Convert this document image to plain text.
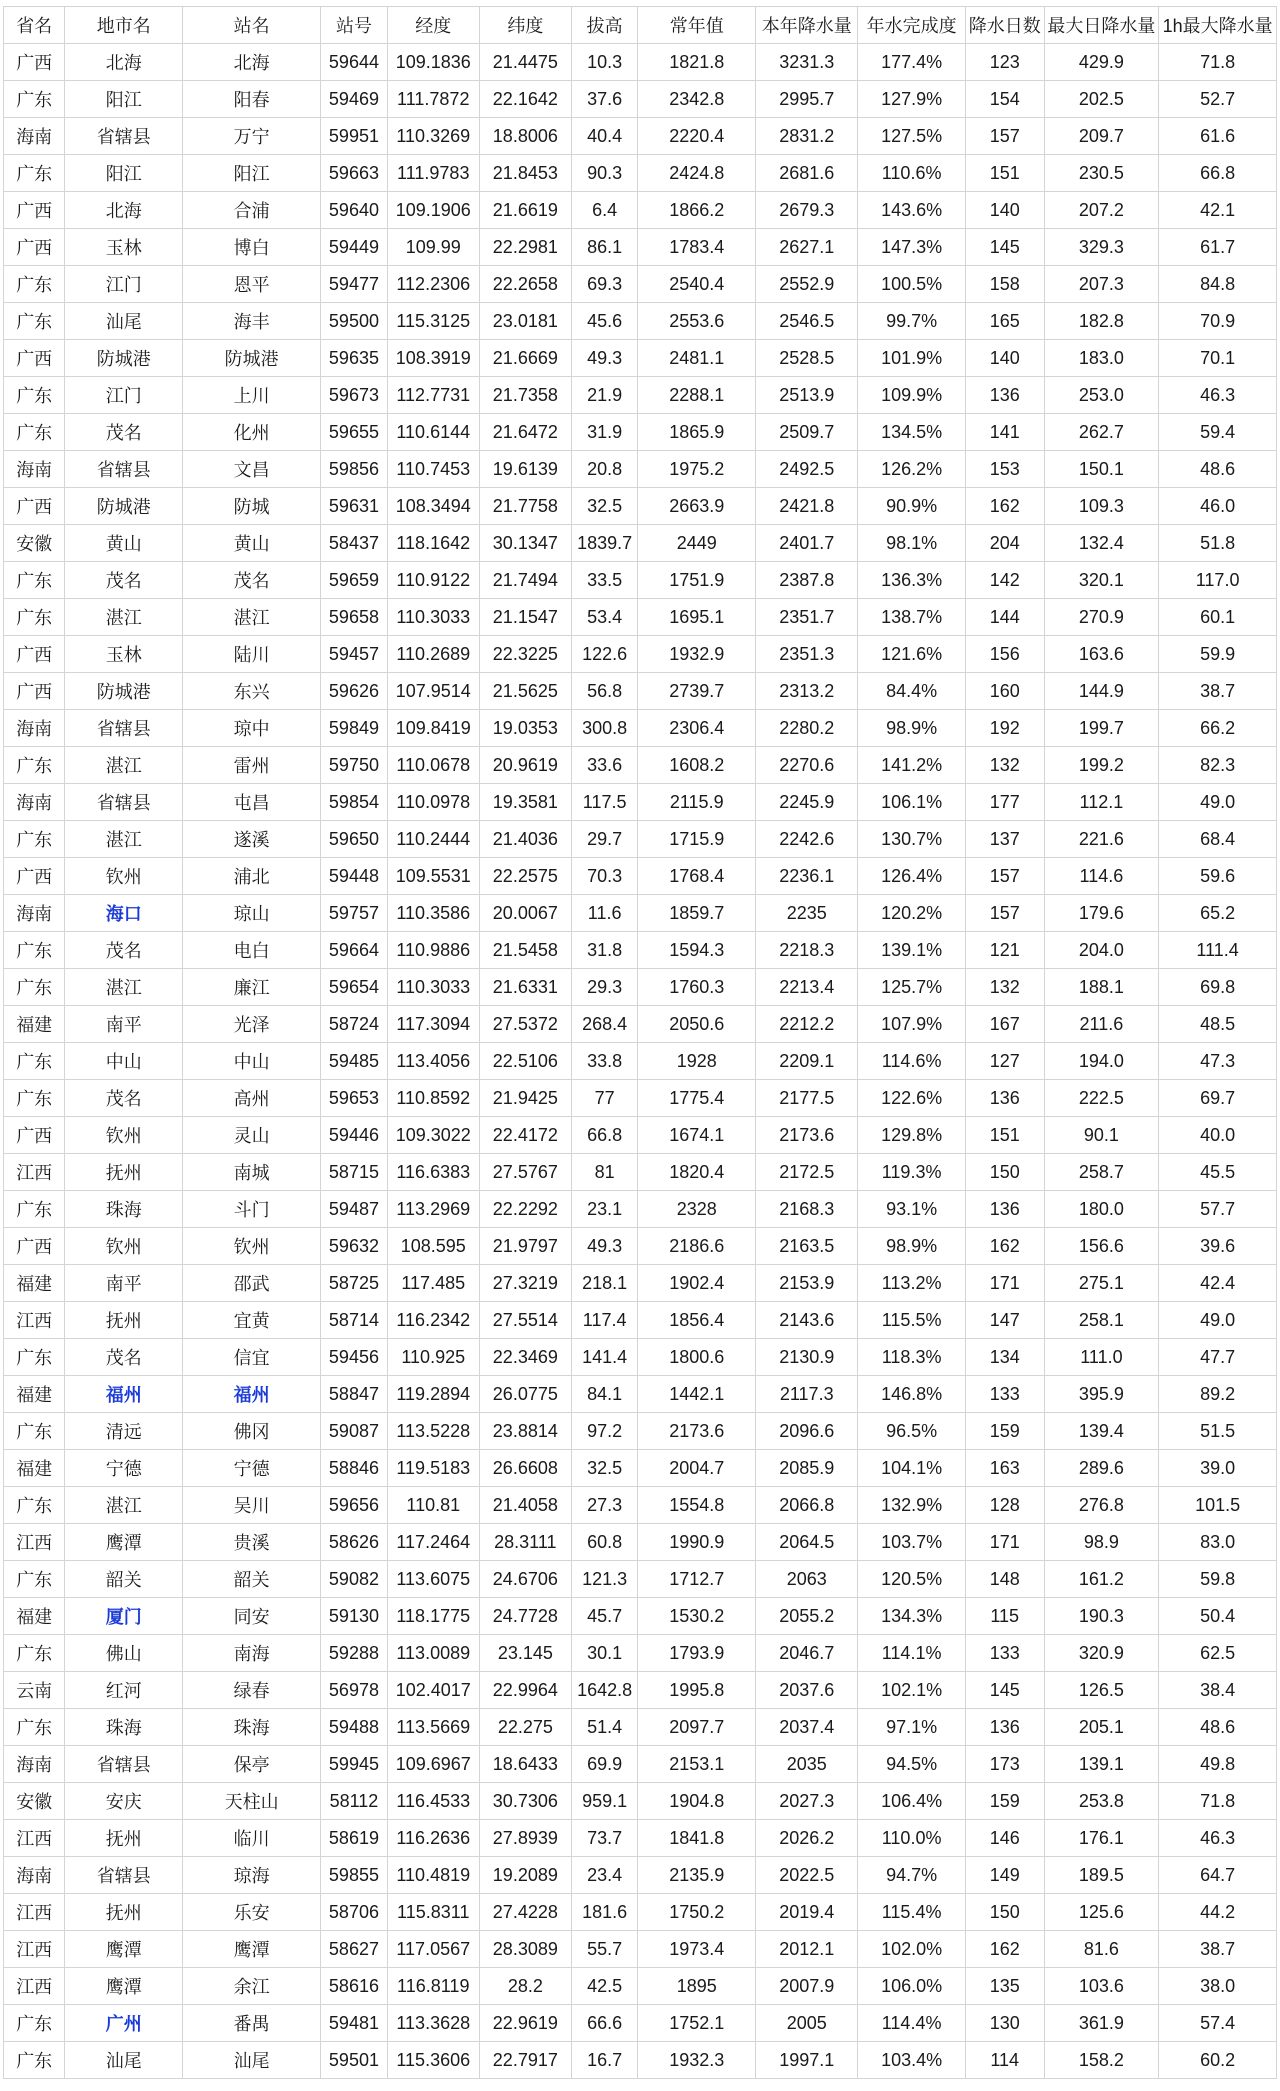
省名	地市名	站名	站号	经度	纬度	拔高	常年值	本年降水量	年水完成度	降水日数	最大日降水量	1h最大降水量
广西	北海	北海	59644	109.1836	21.4475	10.3	1821.8	3231.3	177.4%	123	429.9	71.8
广东	阳江	阳春	59469	111.7872	22.1642	37.6	2342.8	2995.7	127.9%	154	202.5	52.7
海南	省辖县	万宁	59951	110.3269	18.8006	40.4	2220.4	2831.2	127.5%	157	209.7	61.6
广东	阳江	阳江	59663	111.9783	21.8453	90.3	2424.8	2681.6	110.6%	151	230.5	66.8
广西	北海	合浦	59640	109.1906	21.6619	6.4	1866.2	2679.3	143.6%	140	207.2	42.1
广西	玉林	博白	59449	109.99	22.2981	86.1	1783.4	2627.1	147.3%	145	329.3	61.7
广东	江门	恩平	59477	112.2306	22.2658	69.3	2540.4	2552.9	100.5%	158	207.3	84.8
广东	汕尾	海丰	59500	115.3125	23.0181	45.6	2553.6	2546.5	99.7%	165	182.8	70.9
广西	防城港	防城港	59635	108.3919	21.6669	49.3	2481.1	2528.5	101.9%	140	183.0	70.1
广东	江门	上川	59673	112.7731	21.7358	21.9	2288.1	2513.9	109.9%	136	253.0	46.3
广东	茂名	化州	59655	110.6144	21.6472	31.9	1865.9	2509.7	134.5%	141	262.7	59.4
海南	省辖县	文昌	59856	110.7453	19.6139	20.8	1975.2	2492.5	126.2%	153	150.1	48.6
广西	防城港	防城	59631	108.3494	21.7758	32.5	2663.9	2421.8	90.9%	162	109.3	46.0
安徽	黄山	黄山	58437	118.1642	30.1347	1839.7	2449	2401.7	98.1%	204	132.4	51.8
广东	茂名	茂名	59659	110.9122	21.7494	33.5	1751.9	2387.8	136.3%	142	320.1	117.0
广东	湛江	湛江	59658	110.3033	21.1547	53.4	1695.1	2351.7	138.7%	144	270.9	60.1
广西	玉林	陆川	59457	110.2689	22.3225	122.6	1932.9	2351.3	121.6%	156	163.6	59.9
广西	防城港	东兴	59626	107.9514	21.5625	56.8	2739.7	2313.2	84.4%	160	144.9	38.7
海南	省辖县	琼中	59849	109.8419	19.0353	300.8	2306.4	2280.2	98.9%	192	199.7	66.2
广东	湛江	雷州	59750	110.0678	20.9619	33.6	1608.2	2270.6	141.2%	132	199.2	82.3
海南	省辖县	屯昌	59854	110.0978	19.3581	117.5	2115.9	2245.9	106.1%	177	112.1	49.0
广东	湛江	遂溪	59650	110.2444	21.4036	29.7	1715.9	2242.6	130.7%	137	221.6	68.4
广西	钦州	浦北	59448	109.5531	22.2575	70.3	1768.4	2236.1	126.4%	157	114.6	59.6
海南	海口	琼山	59757	110.3586	20.0067	11.6	1859.7	2235	120.2%	157	179.6	65.2
广东	茂名	电白	59664	110.9886	21.5458	31.8	1594.3	2218.3	139.1%	121	204.0	111.4
广东	湛江	廉江	59654	110.3033	21.6331	29.3	1760.3	2213.4	125.7%	132	188.1	69.8
福建	南平	光泽	58724	117.3094	27.5372	268.4	2050.6	2212.2	107.9%	167	211.6	48.5
广东	中山	中山	59485	113.4056	22.5106	33.8	1928	2209.1	114.6%	127	194.0	47.3
广东	茂名	高州	59653	110.8592	21.9425	77	1775.4	2177.5	122.6%	136	222.5	69.7
广西	钦州	灵山	59446	109.3022	22.4172	66.8	1674.1	2173.6	129.8%	151	90.1	40.0
江西	抚州	南城	58715	116.6383	27.5767	81	1820.4	2172.5	119.3%	150	258.7	45.5
广东	珠海	斗门	59487	113.2969	22.2292	23.1	2328	2168.3	93.1%	136	180.0	57.7
广西	钦州	钦州	59632	108.595	21.9797	49.3	2186.6	2163.5	98.9%	162	156.6	39.6
福建	南平	邵武	58725	117.485	27.3219	218.1	1902.4	2153.9	113.2%	171	275.1	42.4
江西	抚州	宜黄	58714	116.2342	27.5514	117.4	1856.4	2143.6	115.5%	147	258.1	49.0
广东	茂名	信宜	59456	110.925	22.3469	141.4	1800.6	2130.9	118.3%	134	111.0	47.7
福建	福州	福州	58847	119.2894	26.0775	84.1	1442.1	2117.3	146.8%	133	395.9	89.2
广东	清远	佛冈	59087	113.5228	23.8814	97.2	2173.6	2096.6	96.5%	159	139.4	51.5
福建	宁德	宁德	58846	119.5183	26.6608	32.5	2004.7	2085.9	104.1%	163	289.6	39.0
广东	湛江	吴川	59656	110.81	21.4058	27.3	1554.8	2066.8	132.9%	128	276.8	101.5
江西	鹰潭	贵溪	58626	117.2464	28.3111	60.8	1990.9	2064.5	103.7%	171	98.9	83.0
广东	韶关	韶关	59082	113.6075	24.6706	121.3	1712.7	2063	120.5%	148	161.2	59.8
福建	厦门	同安	59130	118.1775	24.7728	45.7	1530.2	2055.2	134.3%	115	190.3	50.4
广东	佛山	南海	59288	113.0089	23.145	30.1	1793.9	2046.7	114.1%	133	320.9	62.5
云南	红河	绿春	56978	102.4017	22.9964	1642.8	1995.8	2037.6	102.1%	145	126.5	38.4
广东	珠海	珠海	59488	113.5669	22.275	51.4	2097.7	2037.4	97.1%	136	205.1	48.6
海南	省辖县	保亭	59945	109.6967	18.6433	69.9	2153.1	2035	94.5%	173	139.1	49.8
安徽	安庆	天柱山	58112	116.4533	30.7306	959.1	1904.8	2027.3	106.4%	159	253.8	71.8
江西	抚州	临川	58619	116.2636	27.8939	73.7	1841.8	2026.2	110.0%	146	176.1	46.3
海南	省辖县	琼海	59855	110.4819	19.2089	23.4	2135.9	2022.5	94.7%	149	189.5	64.7
江西	抚州	乐安	58706	115.8311	27.4228	181.6	1750.2	2019.4	115.4%	150	125.6	44.2
江西	鹰潭	鹰潭	58627	117.0567	28.3089	55.7	1973.4	2012.1	102.0%	162	81.6	38.7
江西	鹰潭	余江	58616	116.8119	28.2	42.5	1895	2007.9	106.0%	135	103.6	38.0
广东	广州	番禺	59481	113.3628	22.9619	66.6	1752.1	2005	114.4%	130	361.9	57.4
广东	汕尾	汕尾	59501	115.3606	22.7917	16.7	1932.3	1997.1	103.4%	114	158.2	60.2
